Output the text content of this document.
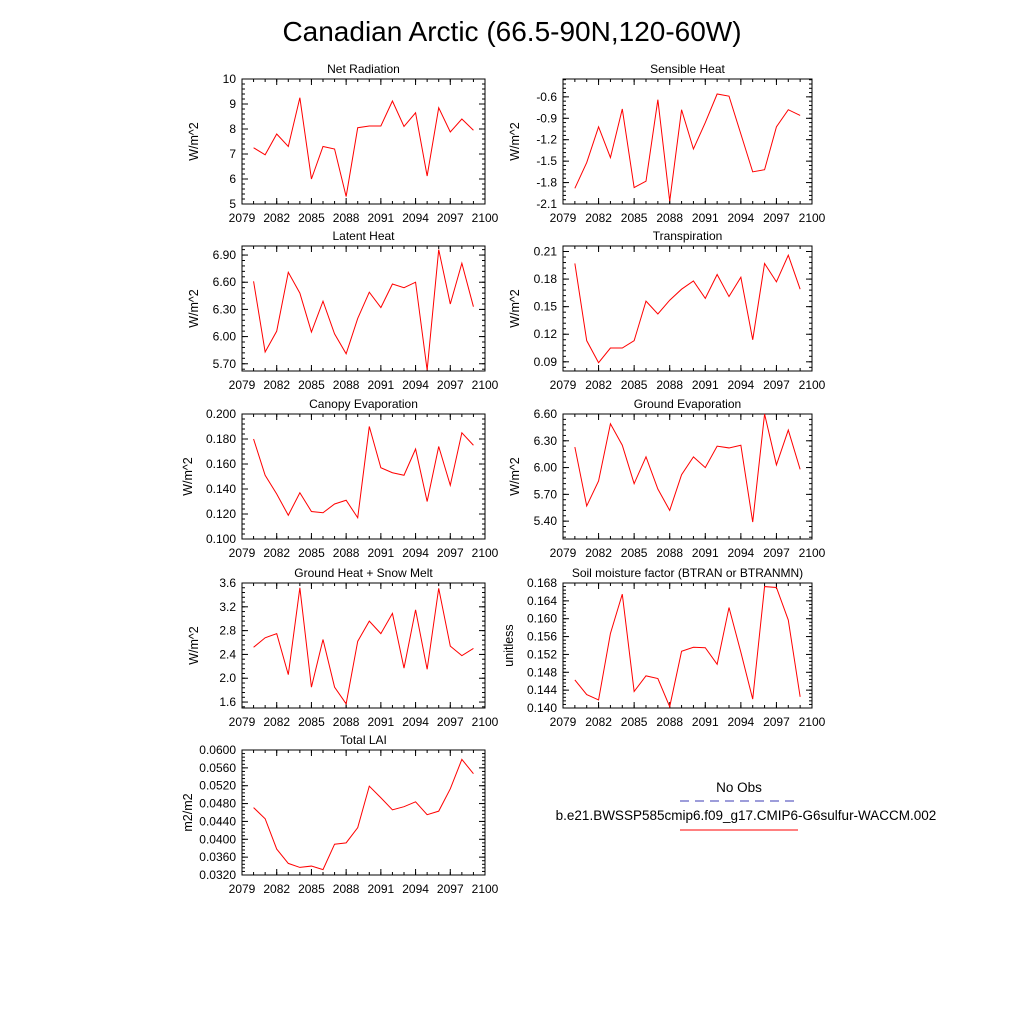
Canadian Arctic (66.5-90N,120-60W)
Net Radiation
5
6
7
8
9
10
2079 2082 2085 2088 2091 2094 2097 2100
W/m^2
Sensible Heat
-2.1
-1.8
-1.5
-1.2
-0.9
-0.6
2079 2082 2085 2088 2091 2094 2097 2100
W/m^2
Latent Heat
5.70
6.00
6.30
6.60
6.90
2079 2082 2085 2088 2091 2094 2097 2100
W/m^2
Transpiration
0.09
0.12
0.15
0.18
0.21
2079 2082 2085 2088 2091 2094 2097 2100
W/m^2
Canopy Evaporation
0.100
0.120
0.140
0.160
0.180
0.200
2079 2082 2085 2088 2091 2094 2097 2100
W/m^2
Ground Evaporation
5.40
5.70
6.00
6.30
6.60
2079 2082 2085 2088 2091 2094 2097 2100
W/m^2
Ground Heat + Snow Melt
1.6
2.0
2.4
2.8
3.2
3.6
2079 2082 2085 2088 2091 2094 2097 2100
W/m^2
Soil moisture factor (BTRAN or BTRANMN)
0.140
0.144
0.148
0.152
0.156
0.160
0.164
0.168
2079 2082 2085 2088 2091 2094 2097 2100
unitless
Total LAI
0.0320
0.0360
0.0400
0.0440
0.0480
0.0520
0.0560
0.0600
2079 2082 2085 2088 2091 2094 2097 2100
m2/m2
No Obs
b.e21.BWSSP585cmip6.f09_g17.CMIP6-G6sulfur-WACCM.002
